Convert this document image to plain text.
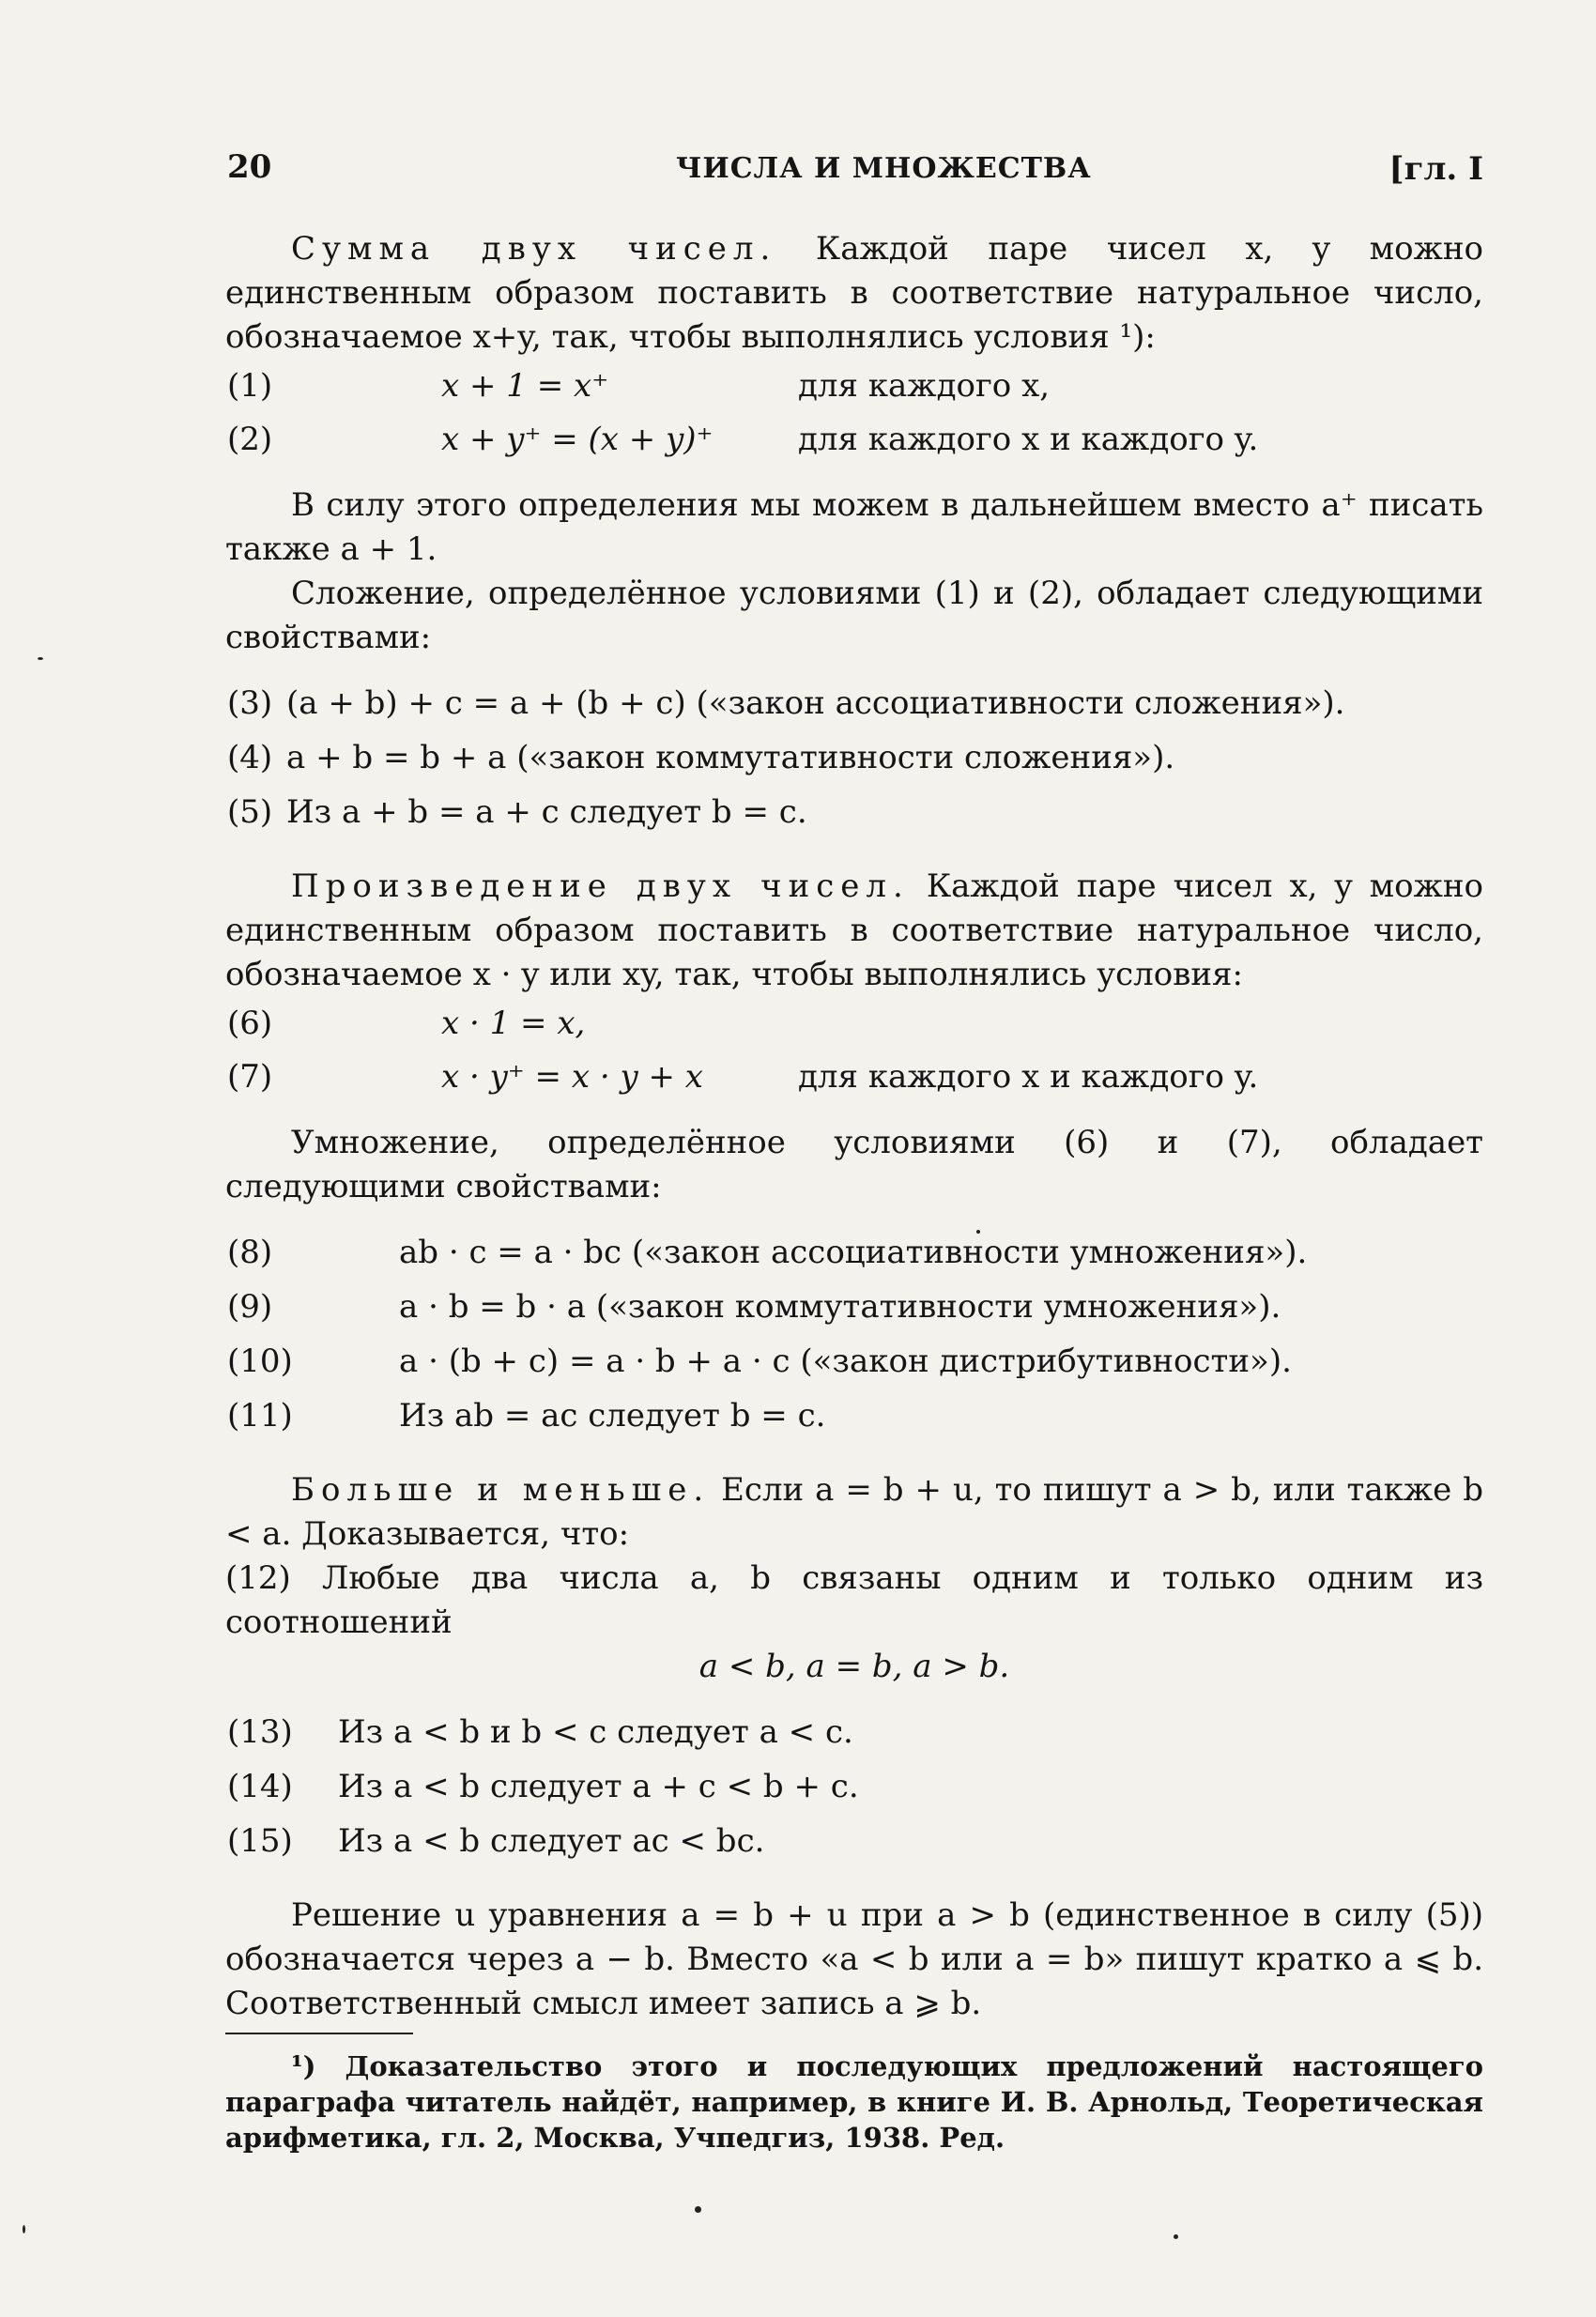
20	ЧИСЛА И МНОЖЕСТВА	[гл. I

Сумма двух чисел. Каждой паре чисел x, y можно единственным образом поставить в соответствие натуральное число, обозначаемое x+y, так, чтобы выполнялись условия ¹):

(1)	x + 1 = x⁺	для каждого x,
(2)	x + y⁺ = (x + y)⁺	для каждого x и каждого y.

В силу этого определения мы можем в дальнейшем вместо a⁺ писать также a + 1.

Сложение, определённое условиями (1) и (2), обладает следующими свойствами:

(3) (a + b) + c = a + (b + c) («закон ассоциативности сложения»).
(4) a + b = b + a («закон коммутативности сложения»).
(5) Из a + b = a + c следует b = c.

Произведение двух чисел. Каждой паре чисел x, y можно единственным образом поставить в соответствие натуральное число, обозначаемое x · y или xy, так, чтобы выполнялись условия:

(6)	x · 1 = x,
(7)	x · y⁺ = x · y + x	для каждого x и каждого y.

Умножение, определённое условиями (6) и (7), обладает следующими свойствами:

(8)	ab · c = a · bc («закон ассоциативности умножения»).
(9)	a · b = b · a («закон коммутативности умножения»).
(10)	a · (b + c) = a · b + a · c («закон дистрибутивности»).
(11)	Из ab = ac следует b = c.

Больше и меньше. Если a = b + u, то пишут a > b, или также b < a. Доказывается, что:

(12) Любые два числа a, b связаны одним и только одним из соотношений

a < b, a = b, a > b.

(13) Из a < b и b < c следует a < c.
(14) Из a < b следует a + c < b + c.
(15) Из a < b следует ac < bc.

Решение u уравнения a = b + u при a > b (единственное в силу (5)) обозначается через a − b. Вместо «a < b или a = b» пишут кратко a ⩽ b. Соответственный смысл имеет запись a ⩾ b.

¹) Доказательство этого и последующих предложений настоящего параграфа читатель найдёт, например, в книге И. В. Арнольд, Теоретическая арифметика, гл. 2, Москва, Учпедгиз, 1938. Ред.
